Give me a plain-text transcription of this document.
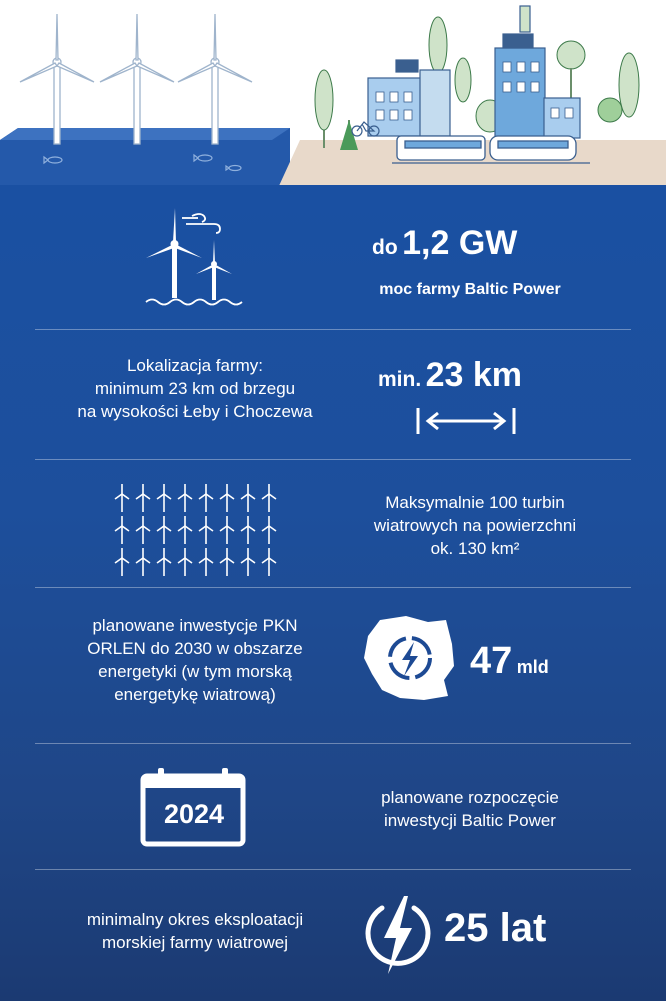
do 1,2 GW
moc farmy Baltic Power
Lokalizacja farmy:
minimum 23 km od brzegu
na wysokości Łeby i Choczewa
min. 23 km
Maksymalnie 100 turbin
wiatrowych na powierzchni
ok. 130 km²
planowane inwestycje PKN
ORLEN do 2030 w obszarze
energetyki (w tym morską
energetykę wiatrową)
47 mld
2024
planowane rozpoczęcie
inwestycji Baltic Power
minimalny okres eksploatacji
morskiej farmy wiatrowej	25 lat
